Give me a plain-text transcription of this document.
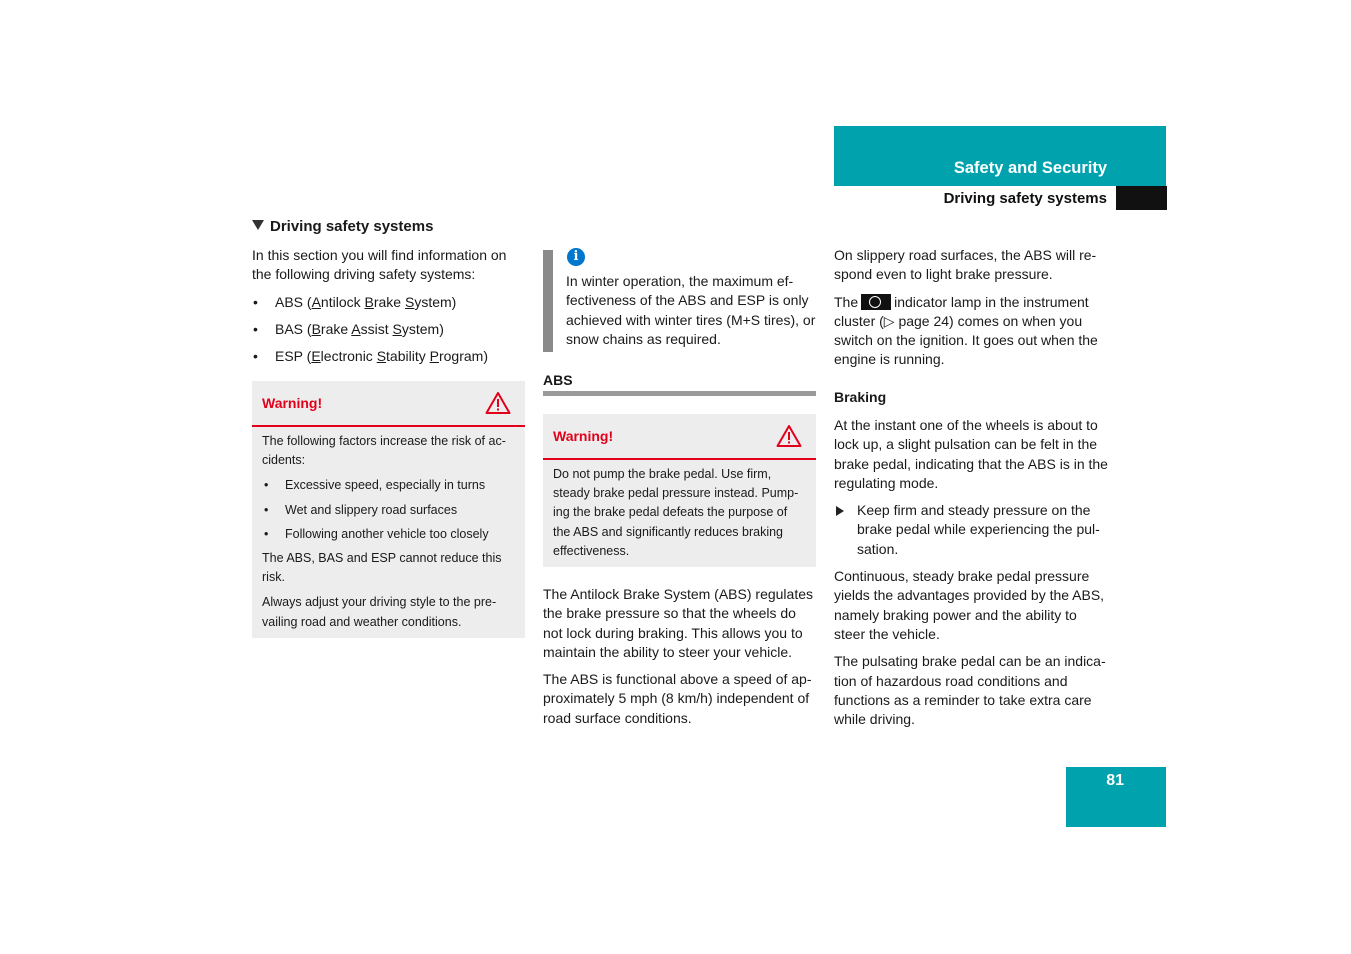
Safety and Security
Driving safety systems
Driving safety systems

In this section you will find information on the following driving safety systems:

• ABS (Antilock Brake System)
• BAS (Brake Assist System)
• ESP (Electronic Stability Program)
Warning!

The following factors increase the risk of ac-cidents:

• Excessive speed, especially in turns
• Wet and slippery road surfaces
• Following another vehicle too closely

The ABS, BAS and ESP cannot reduce this risk.

Always adjust your driving style to the pre-vailing road and weather conditions.

i

In winter operation, the maximum ef-fectiveness of the ABS and ESP is only achieved with winter tires (M+S tires), or snow chains as required.

ABS
Warning!

Do not pump the brake pedal. Use firm, steady brake pedal pressure instead. Pump-ing the brake pedal defeats the purpose of the ABS and significantly reduces braking effectiveness.

The Antilock Brake System (ABS) regulates the brake pressure so that the wheels do not lock during braking. This allows you to maintain the ability to steer your vehicle.

The ABS is functional above a speed of ap-proximately 5 mph (8 km/h) independent of road surface conditions.

On slippery road surfaces, the ABS will re-spond even to light brake pressure.

The	indicator lamp in the instrument cluster (▷ page 24) comes on when you switch on the ignition. It goes out when the engine is running.

Braking

At the instant one of the wheels is about to lock up, a slight pulsation can be felt in the brake pedal, indicating that the ABS is in the regulating mode.

Keep firm and steady pressure on the brake pedal while experiencing the pul-sation.

Continuous, steady brake pedal pressure yields the advantages provided by the ABS, namely braking power and the ability to steer the vehicle.

The pulsating brake pedal can be an indica-tion of hazardous road conditions and functions as a reminder to take extra care while driving.

81
